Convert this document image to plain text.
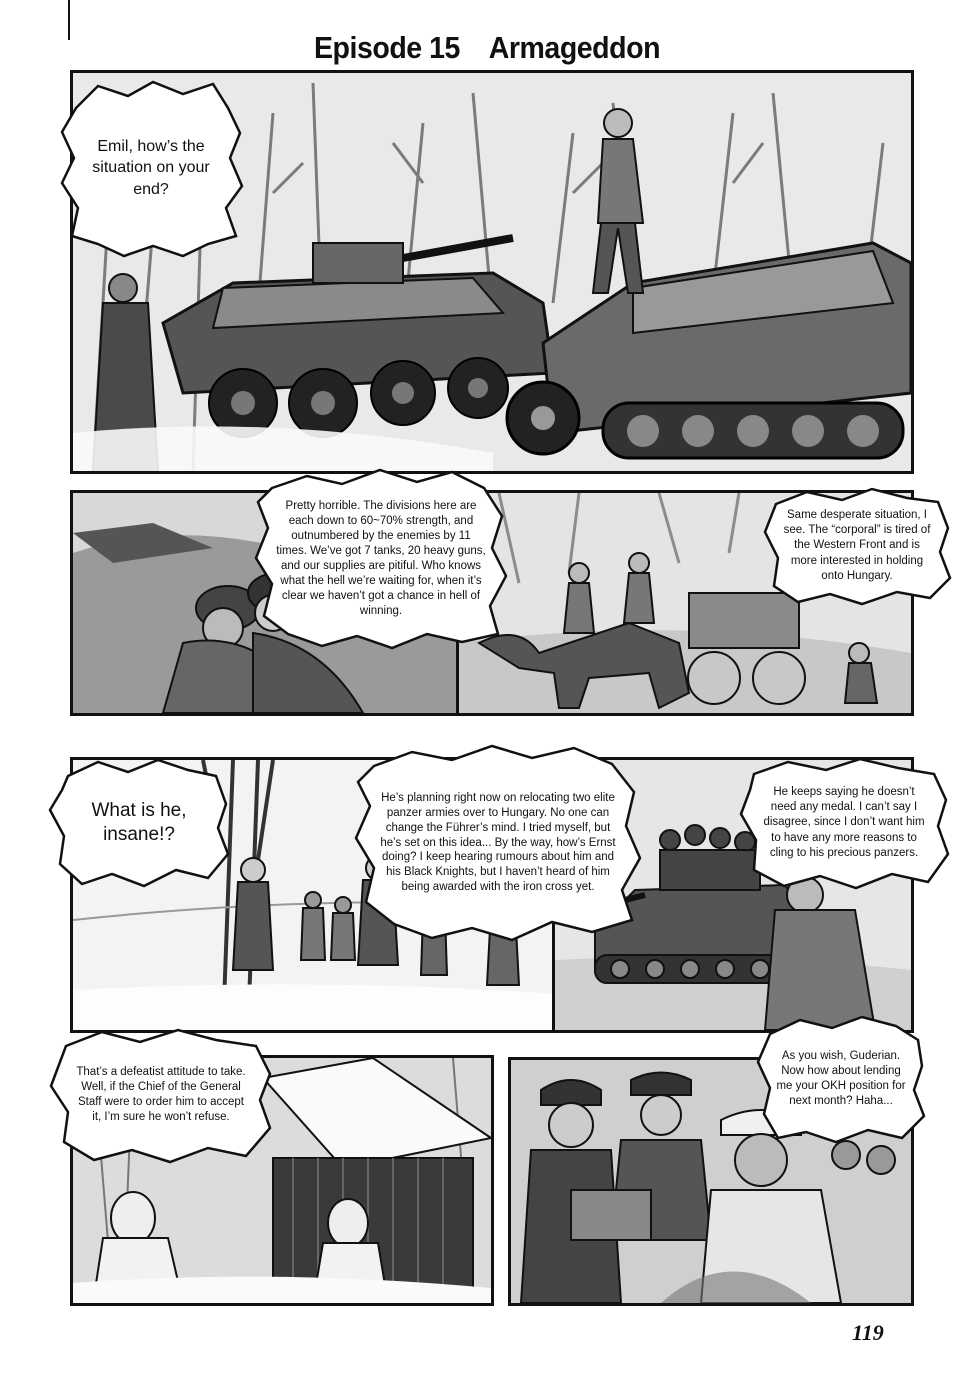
Episode 15    Armageddon
Emil, how’s the situation on your end?
Pretty horrible. The divisions here are each down to 60~70% strength, and outnumbered by the enemies by 11 times. We’ve got 7 tanks, 20 heavy guns, and our supplies are pitiful. Who knows what the hell we’re waiting for, when it’s clear we haven’t got a chance in hell of winning.
Same desperate situation, I see. The “corporal” is tired of the Western Front and is more interested in holding onto Hungary.
What is he, insane!?
He’s planning right now on relocating two elite panzer armies over to Hungary. No one can change the Führer’s mind. I tried myself, but he’s set on this idea... By the way, how’s Ernst doing? I keep hearing rumours about him and his Black Knights, but I haven’t heard of him being awarded with the iron cross yet.
He keeps saying he doesn’t need any medal. I can’t say I disagree, since I don’t want him to have any more reasons to cling to his precious panzers.
That’s a defeatist attitude to take. Well, if the Chief of the General Staff were to order him to accept it, I’m sure he won’t refuse.
As you wish, Guderian. Now how about lending me your OKH position for next month? Haha...
119
